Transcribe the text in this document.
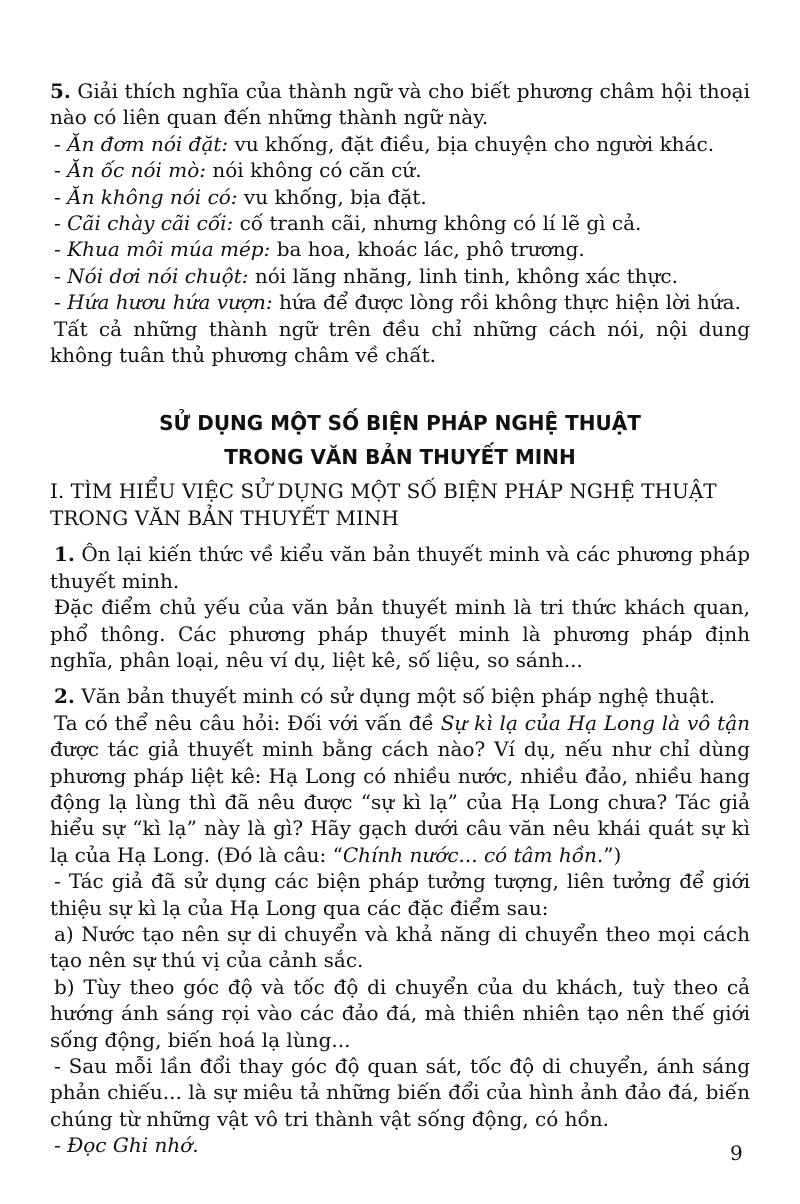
5. Giải thích nghĩa của thành ngữ và cho biết phương châm hội thoại nào có liên quan đến những thành ngữ này.

- Ăn đơm nói đặt: vu khống, đặt điều, bịa chuyện cho người khác.

- Ăn ốc nói mò: nói không có căn cứ.

- Ăn không nói có: vu khống, bịa đặt.

- Cãi chày cãi cối: cố tranh cãi, nhưng không có lí lẽ gì cả.

- Khua môi múa mép: ba hoa, khoác lác, phô trương.

- Nói dơi nói chuột: nói lăng nhăng, linh tinh, không xác thực.

- Hứa hươu hứa vượn: hứa để được lòng rồi không thực hiện lời hứa.

Tất cả những thành ngữ trên đều chỉ những cách nói, nội dung không tuân thủ phương châm về chất.

SỬ DỤNG MỘT SỐ BIỆN PHÁP NGHỆ THUẬT
TRONG VĂN BẢN THUYẾT MINH

I. TÌM HIỂU VIỆC SỬ DỤNG MỘT SỐ BIỆN PHÁP NGHỆ THUẬT TRONG VĂN BẢN THUYẾT MINH

1. Ôn lại kiến thức về kiểu văn bản thuyết minh và các phương pháp thuyết minh.

Đặc điểm chủ yếu của văn bản thuyết minh là tri thức khách quan, phổ thông. Các phương pháp thuyết minh là phương pháp định nghĩa, phân loại, nêu ví dụ, liệt kê, số liệu, so sánh...

2. Văn bản thuyết minh có sử dụng một số biện pháp nghệ thuật.

Ta có thể nêu câu hỏi: Đối với vấn đề Sự kì lạ của Hạ Long là vô tận được tác giả thuyết minh bằng cách nào? Ví dụ, nếu như chỉ dùng phương pháp liệt kê: Hạ Long có nhiều nước, nhiều đảo, nhiều hang động lạ lùng thì đã nêu được “sự kì lạ” của Hạ Long chưa? Tác giả hiểu sự “kì lạ” này là gì? Hãy gạch dưới câu văn nêu khái quát sự kì lạ của Hạ Long. (Đó là câu: “Chính nước... có tâm hồn.”)

- Tác giả đã sử dụng các biện pháp tưởng tượng, liên tưởng để giới thiệu sự kì lạ của Hạ Long qua các đặc điểm sau:

a) Nước tạo nên sự di chuyển và khả năng di chuyển theo mọi cách tạo nên sự thú vị của cảnh sắc.

b) Tùy theo góc độ và tốc độ di chuyển của du khách, tuỳ theo cả hướng ánh sáng rọi vào các đảo đá, mà thiên nhiên tạo nên thế giới sống động, biến hoá lạ lùng...

- Sau mỗi lần đổi thay góc độ quan sát, tốc độ di chuyển, ánh sáng phản chiếu... là sự miêu tả những biến đổi của hình ảnh đảo đá, biến chúng từ những vật vô tri thành vật sống động, có hồn.

- Đọc Ghi nhớ.	9
